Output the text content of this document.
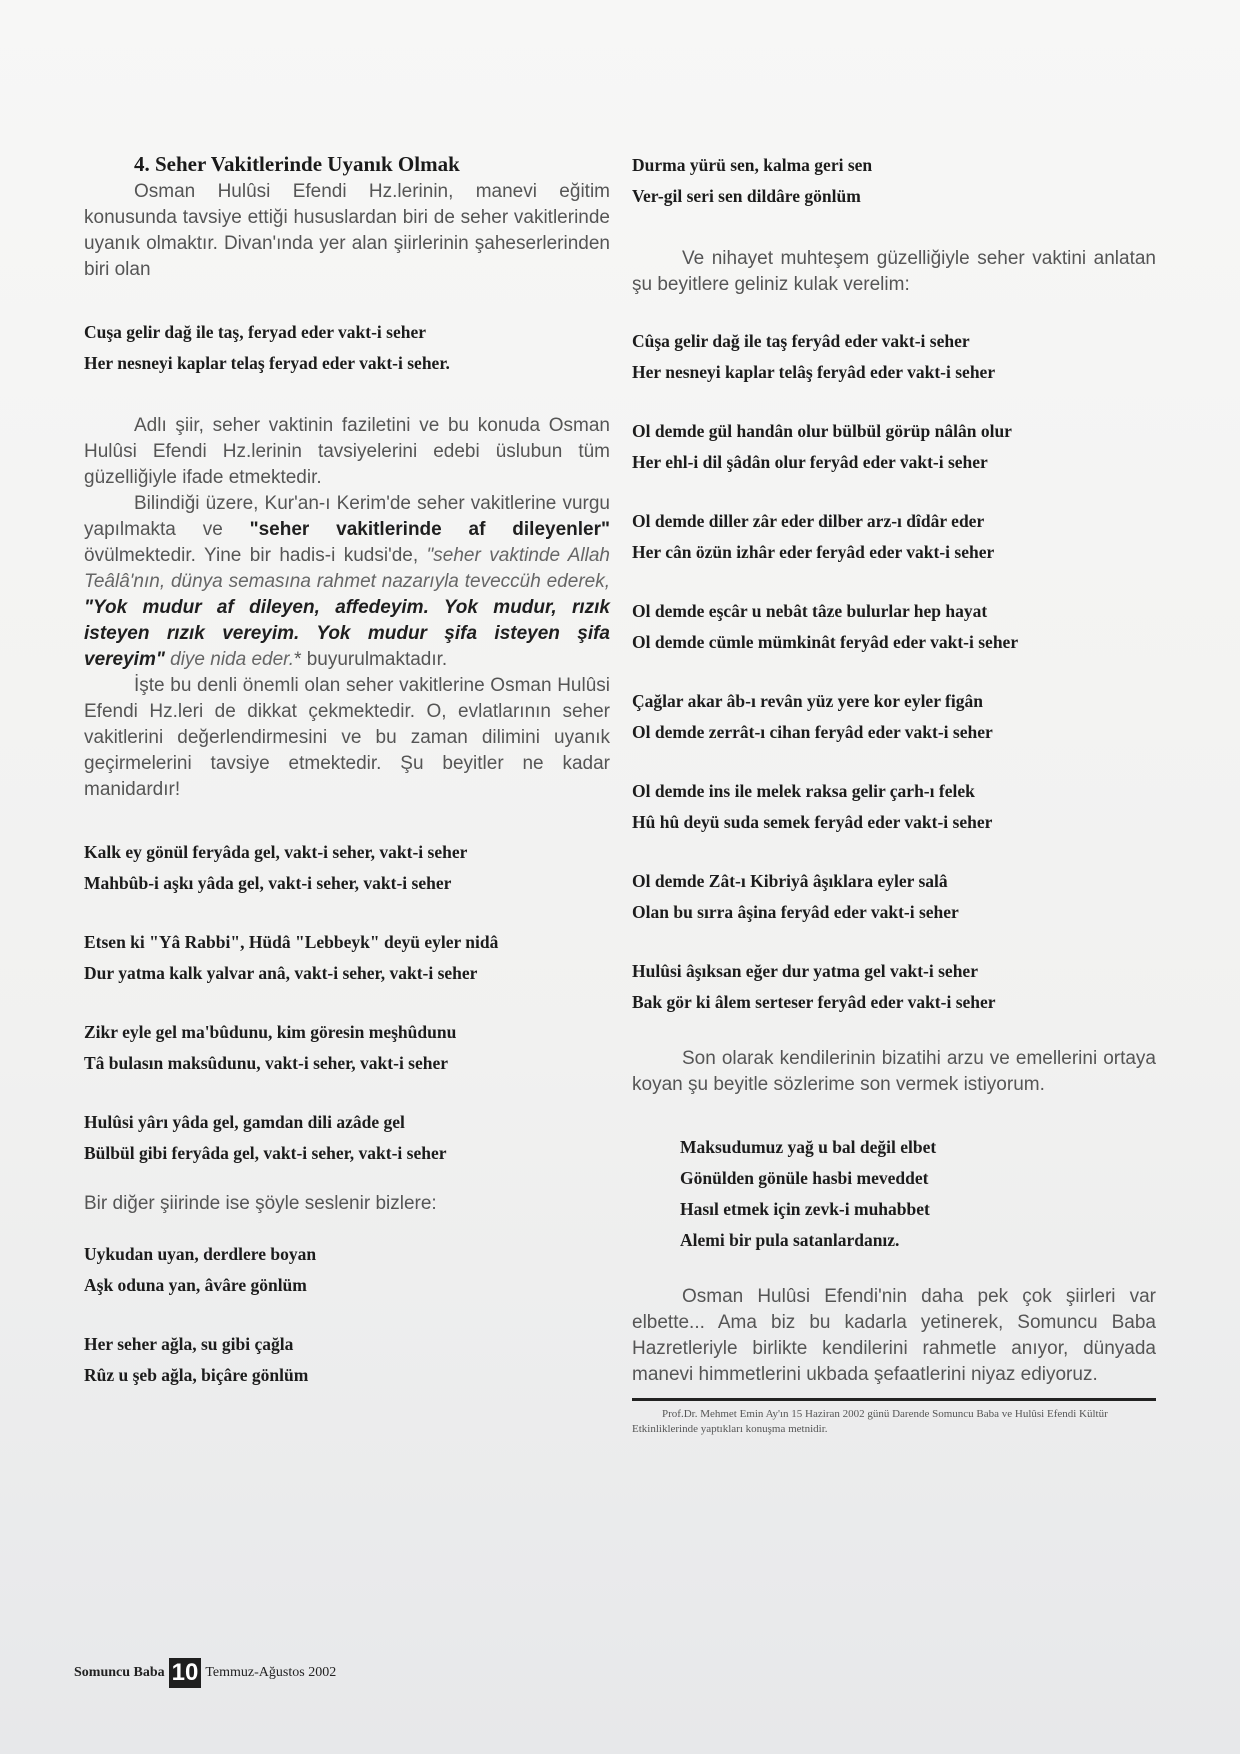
4. Seher Vakitlerinde Uyanık Olmak

Osman Hulûsi Efendi Hz.lerinin, manevi eğitim konusunda tavsiye ettiği hususlardan biri de seher vakitlerinde uyanık olmaktır. Divan'ında yer alan şiirlerinin şaheserlerinden biri olan

Cuşa gelir dağ ile taş, feryad eder vakt-i seher
Her nesneyi kaplar telaş feryad eder vakt-i seher.

Adlı şiir, seher vaktinin faziletini ve bu konuda Osman Hulûsi Efendi Hz.lerinin tavsiyelerini edebi üslubun tüm güzelliğiyle ifade etmektedir.

Bilindiği üzere, Kur'an-ı Kerim'de seher vakitlerine vurgu yapılmakta ve "seher vakitlerinde af dileyenler" övülmektedir. Yine bir hadis-i kudsi'de, "seher vaktinde Allah Teâlâ'nın, dünya semasına rahmet nazarıyla teveccüh ederek, "Yok mudur af dileyen, affedeyim. Yok mudur, rızık isteyen rızık vereyim. Yok mudur şifa isteyen şifa vereyim" diye nida eder.* buyurulmaktadır.

İşte bu denli önemli olan seher vakitlerine Osman Hulûsi Efendi Hz.leri de dikkat çekmektedir. O, evlatlarının seher vakitlerini değerlendirmesini ve bu zaman dilimini uyanık geçirmelerini tavsiye etmektedir. Şu beyitler ne kadar manidardır!

Kalk ey gönül feryâda gel, vakt-i seher, vakt-i seher
Mahbûb-i aşkı yâda gel, vakt-i seher, vakt-i seher
Etsen ki "Yâ Rabbi", Hüdâ "Lebbeyk" deyü eyler nidâ
Dur yatma kalk yalvar anâ, vakt-i seher, vakt-i seher
Zikr eyle gel ma'bûdunu, kim göresin meşhûdunu
Tâ bulasın maksûdunu, vakt-i seher, vakt-i seher
Hulûsi yârı yâda gel, gamdan dili azâde gel
Bülbül gibi feryâda gel, vakt-i seher, vakt-i seher

Bir diğer şiirinde ise şöyle seslenir bizlere:

Uykudan uyan, derdlere boyan
Aşk oduna yan, âvâre gönlüm
Her seher ağla, su gibi çağla
Rûz u şeb ağla, biçâre gönlüm
Durma yürü sen, kalma geri sen
Ver-gil seri sen dildâre gönlüm

Ve nihayet muhteşem güzelliğiyle seher vaktini anlatan şu beyitlere geliniz kulak verelim:

Cûşa gelir dağ ile taş feryâd eder vakt-i seher
Her nesneyi kaplar telâş feryâd eder vakt-i seher
Ol demde gül handân olur bülbül görüp nâlân olur
Her ehl-i dil şâdân olur feryâd eder vakt-i seher
Ol demde diller zâr eder dilber arz-ı dîdâr eder
Her cân özün izhâr eder feryâd eder vakt-i seher
Ol demde eşcâr u nebât tâze bulurlar hep hayat
Ol demde cümle mümkinât feryâd eder vakt-i seher
Çağlar akar âb-ı revân yüz yere kor eyler figân
Ol demde zerrât-ı cihan feryâd eder vakt-i seher
Ol demde ins ile melek raksa gelir çarh-ı felek
Hû hû deyü suda semek feryâd eder vakt-i seher
Ol demde Zât-ı Kibriyâ âşıklara eyler salâ
Olan bu sırra âşina feryâd eder vakt-i seher
Hulûsi âşıksan eğer dur yatma gel vakt-i seher
Bak gör ki âlem serteser feryâd eder vakt-i seher

Son olarak kendilerinin bizatihi arzu ve emellerini ortaya koyan şu beyitle sözlerime son vermek istiyorum.

Maksudumuz yağ u bal değil elbet
Gönülden gönüle hasbi meveddet
Hasıl etmek için zevk-i muhabbet
Alemi bir pula satanlardanız.

Osman Hulûsi Efendi'nin daha pek çok şiirleri var elbette... Ama biz bu kadarla yetinerek, Somuncu Baba Hazretleriyle birlikte kendilerini rahmetle anıyor, dünyada manevi himmetlerini ukbada şefaatlerini niyaz ediyoruz.

Prof.Dr. Mehmet Emin Ay'ın 15 Haziran 2002 günü Darende Somuncu Baba ve Hulûsi Efendi Kültür Etkinliklerinde yaptıkları konuşma metnidir.

Somuncu Baba 10 Temmuz-Ağustos 2002
